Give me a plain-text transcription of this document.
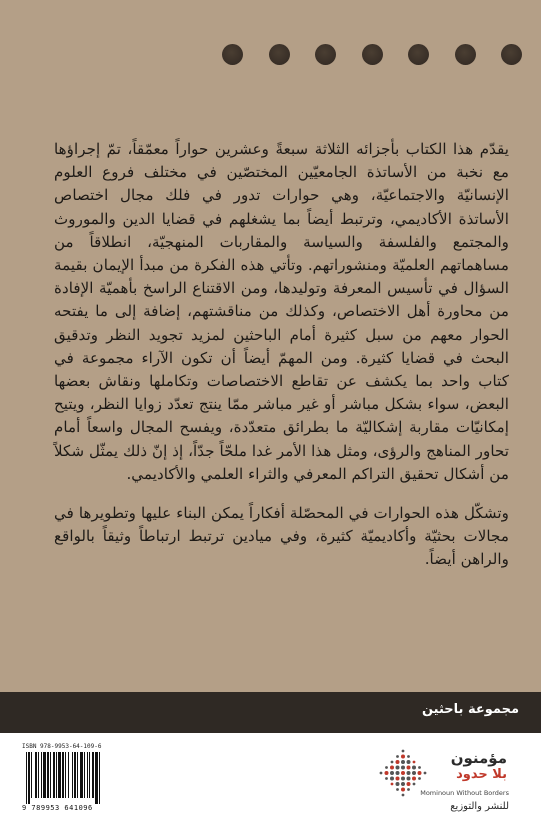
يقدّم هذا الكتاب بأجزائه الثلاثة سبعةً وعشرين حواراً معمّقاً، تمّ إجراؤها مع نخبة من الأساتذة الجامعيّين المختصّين في مختلف فروع العلوم الإنسانيّة والاجتماعيّة، وهي حوارات تدور في فلك مجال اختصاص الأساتذة الأكاديمي، وترتبط أيضاً بما يشغلهم في قضايا الدين والموروث والمجتمع والفلسفة والسياسة والمقاربات المنهجيّة، انطلاقاً من مساهماتهم العلميّة ومنشوراتهم. وتأتي هذه الفكرة من مبدأ الإيمان بقيمة السؤال في تأسيس المعرفة وتوليدها، ومن الاقتناع الراسخ بأهميّة الإفادة من محاورة أهل الاختصاص، وكذلك من مناقشتهم، إضافة إلى ما يفتحه الحوار معهم من سبل كثيرة أمام الباحثين لمزيد تجويد النظر وتدقيق البحث في قضايا كثيرة. ومن المهمّ أيضاً أن تكون الآراء مجموعة في كتاب واحد بما يكشف عن تقاطع الاختصاصات وتكاملها ونقاش بعضها البعض، سواء بشكل مباشر أو غير مباشر ممّا ينتج تعدّد زوايا النظر، ويتيح إمكانيّات مقاربة إشكاليّة ما بطرائق متعدّدة، ويفسح المجال واسعاً أمام تحاور المناهج والرؤى، ومثل هذا الأمر غدا ملحّاً جدّاً، إذ إنّ ذلك يمثّل شكلاً من أشكال تحقيق التراكم المعرفي والثراء العلمي والأكاديمي.

وتشكّل هذه الحوارات في المحصّلة أفكاراً يمكن البناء عليها وتطويرها في مجالات بحثيّة وأكاديميّة كثيرة، وفي ميادين ترتبط ارتباطاً وثيقاً بالواقع والراهن أيضاً.

مجموعة باحثين
ISBN 978-9953-64-109-6
9 789953 641096
مؤمنون
بلا حدود
Mominoun Without Borders
للنشر والتوزيع
